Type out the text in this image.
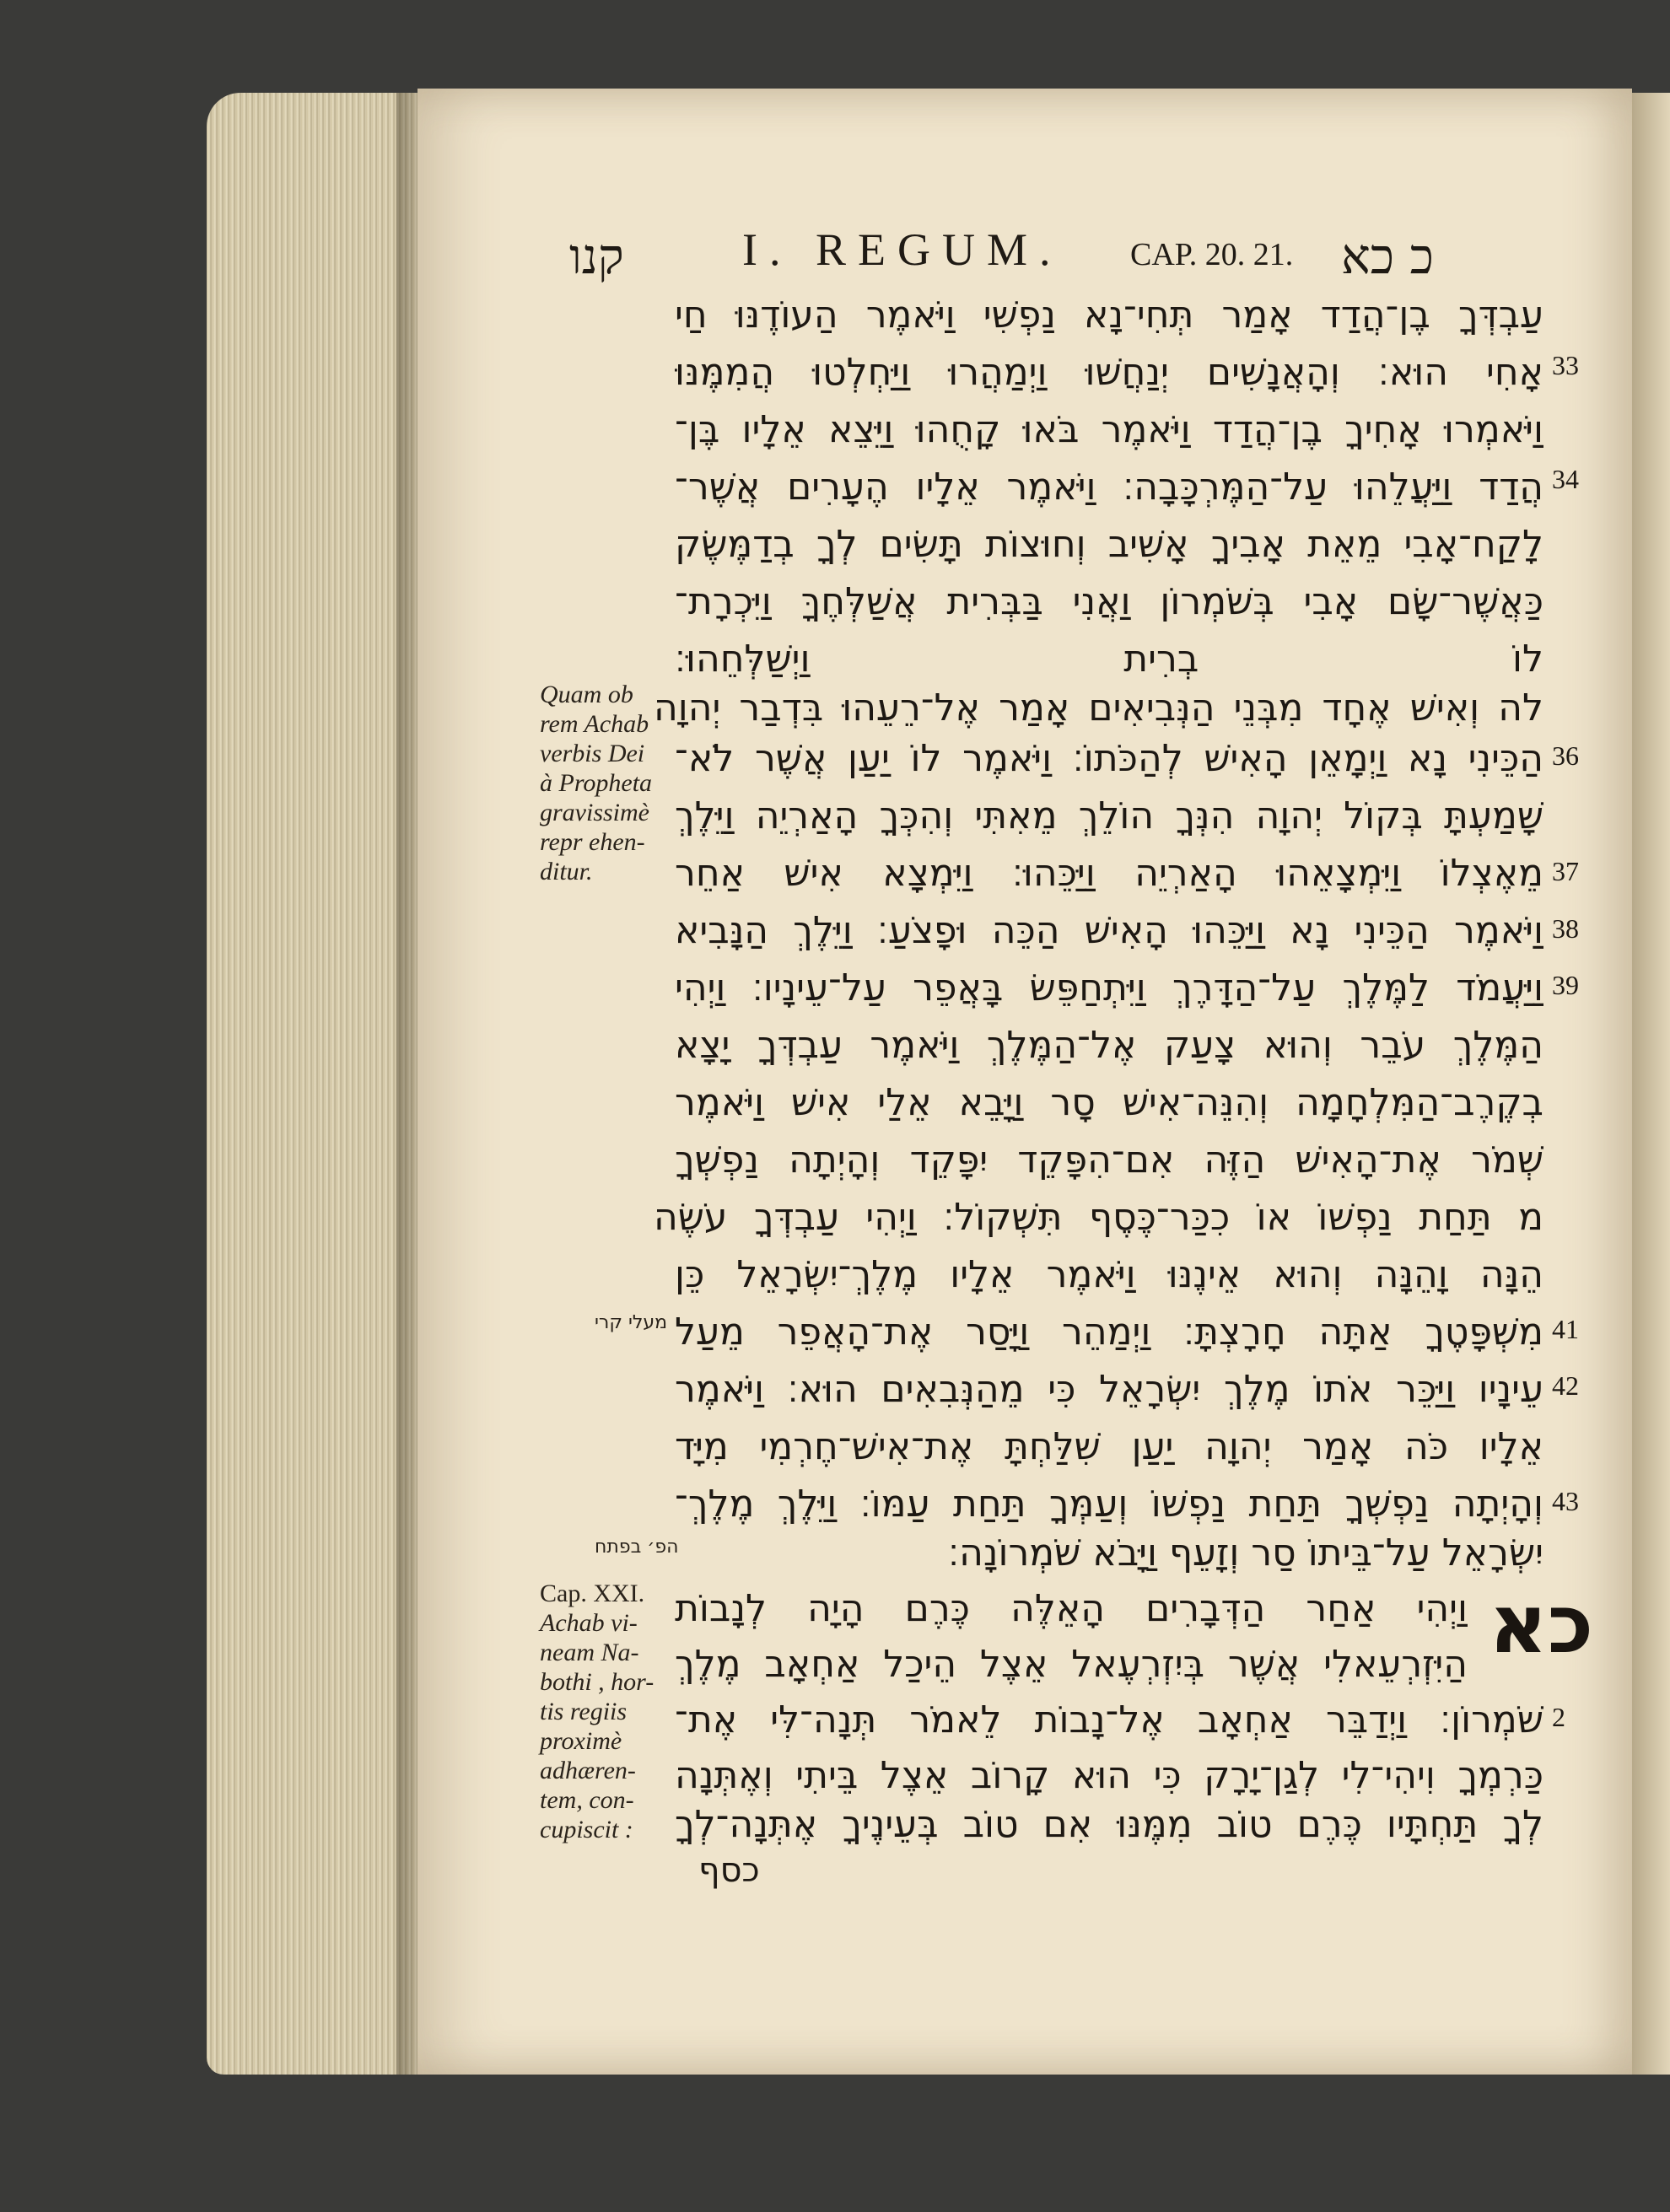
קנו	I. REGUM. CAP. 20. 21. כ כא
עַבְדְּךָ בֶן־הֲדַד אָמַר תְּחִי־נָא נַפְשִׁי וַיֹּאמֶר הַעוֹדֶנּוּ חַי
אָחִי הוּא׃ וְהָאֲנָשִׁים יְנַחֲשׁוּ וַיְמַהֲרוּ וַיַּחְלְטוּ הֲמִמֶּנּוּ
וַיֹּאמְרוּ אָחִיךָ בֶן־הֲדַד וַיֹּאמֶר בֹּאוּ קָחֻהוּ וַיֵּצֵא אֵלָיו בֶּן־
הֲדַד וַיַּעֲלֵהוּ עַל־הַמֶּרְכָּבָה׃ וַיֹּאמֶר אֵלָיו הֶעָרִים אֲשֶׁר־
לָקַח־אָבִי מֵאֵת אָבִיךָ אָשִׁיב וְחוּצוֹת תָּשִׂים לְךָ בְדַמֶּשֶׂק
כַּאֲשֶׁר־שָׂם אָבִי בְּשֹׁמְרוֹן וַאֲנִי בַּבְּרִית אֲשַׁלְּחֶךָּ וַיִּכְרָת־
לוֹ בְרִית וַיְשַׁלְּחֵהוּ׃
לה וְאִישׁ אֶחָד מִבְּנֵי הַנְּבִיאִים אָמַר אֶל־רֵעֵהוּ בִּדְבַר יְהוָה
הַכֵּינִי נָא וַיְמָאֵן הָאִישׁ לְהַכֹּתוֹ׃ וַיֹּאמֶר לוֹ יַעַן אֲשֶׁר לֹא־
שָׁמַעְתָּ בְּקוֹל יְהוָה הִנְּךָ הוֹלֵךְ מֵאִתִּי וְהִכְּךָ הָאַרְיֵה וַיֵּלֶךְ
מֵאֶצְלוֹ וַיִּמְצָאֵהוּ הָאַרְיֵה וַיַּכֵּהוּ׃ וַיִּמְצָא אִישׁ אַחֵר
וַיֹּאמֶר הַכֵּינִי נָא וַיַּכֵּהוּ הָאִישׁ הַכֵּה וּפָצֹעַ׃ וַיֵּלֶךְ הַנָּבִיא
וַיַּעֲמֹד לַמֶּלֶךְ עַל־הַדָּרֶךְ וַיִּתְחַפֵּשׂ בָּאֲפֵר עַל־עֵינָיו׃ וַיְהִי
הַמֶּלֶךְ עֹבֵר וְהוּא צָעַק אֶל־הַמֶּלֶךְ וַיֹּאמֶר עַבְדְּךָ יָצָא
בְקֶרֶב־הַמִּלְחָמָה וְהִנֵּה־אִישׁ סָר וַיָּבֵא אֵלַי אִישׁ וַיֹּאמֶר
שְׁמֹר אֶת־הָאִישׁ הַזֶּה אִם־הִפָּקֵד יִפָּקֵד וְהָיְתָה נַפְשְׁךָ
מ תַּחַת נַפְשׁוֹ אוֹ כִכַּר־כֶּסֶף תִּשְׁקוֹל׃ וַיְהִי עַבְדְּךָ עֹשֶׂה
הֵנָּה וָהֵנָּה וְהוּא אֵינֶנּוּ וַיֹּאמֶר אֵלָיו מֶלֶךְ־יִשְׂרָאֵל כֵּן
מִשְׁפָּטֶךָ אַתָּה חָרָצְתָּ׃ וַיְמַהֵר וַיָּסַר אֶת־הָאֲפֵר מֵעַל
עֵינָיו וַיַּכֵּר אֹתוֹ מֶלֶךְ יִשְׂרָאֵל כִּי מֵהַנְּבִאִים הוּא׃ וַיֹּאמֶר
אֵלָיו כֹּה אָמַר יְהוָה יַעַן שִׁלַּחְתָּ אֶת־אִישׁ־חֶרְמִי מִיָּד
וְהָיְתָה נַפְשְׁךָ תַּחַת נַפְשׁוֹ וְעַמְּךָ תַּחַת עַמּוֹ׃ וַיֵּלֶךְ מֶלֶךְ־
יִשְׂרָאֵל עַל־בֵּיתוֹ סַר וְזָעֵף וַיָּבֹא שֹׁמְרוֹנָה׃
וַיְהִי אַחַר הַדְּבָרִים הָאֵלֶּה כֶּרֶם הָיָה לְנָבוֹת
הַיִּזְרְעֵאלִי אֲשֶׁר בְּיִזְרְעֶאל אֵצֶל הֵיכַל אַחְאָב מֶלֶךְ
שֹׁמְרוֹן׃ וַיְדַבֵּר אַחְאָב אֶל־נָבוֹת לֵאמֹר תְּנָה־לִּי אֶת־
כַּרְמְךָ וִיהִי־לִי לְגַן־יָרָק כִּי הוּא קָרוֹב אֵצֶל בֵּיתִי וְאֶתְּנָה
לְךָ תַּחְתָּיו כֶּרֶם טוֹב מִמֶּנּוּ אִם טוֹב בְּעֵינֶיךָ אֶתְּנָה־לְךָ
כסף
33
34
36
37
38
39
41
42
43
2
מעלי קרי
הפ׳ בפתח
כא
Quam ob
rem Achab
verbis Dei
à Propheta
gravissimè
repr ehen-
ditur.
Cap. XXI.
Achab vi-
neam Na-
bothi , hor-
tis regiis
proximè
adhæren-
tem, con-
cupiscit :
